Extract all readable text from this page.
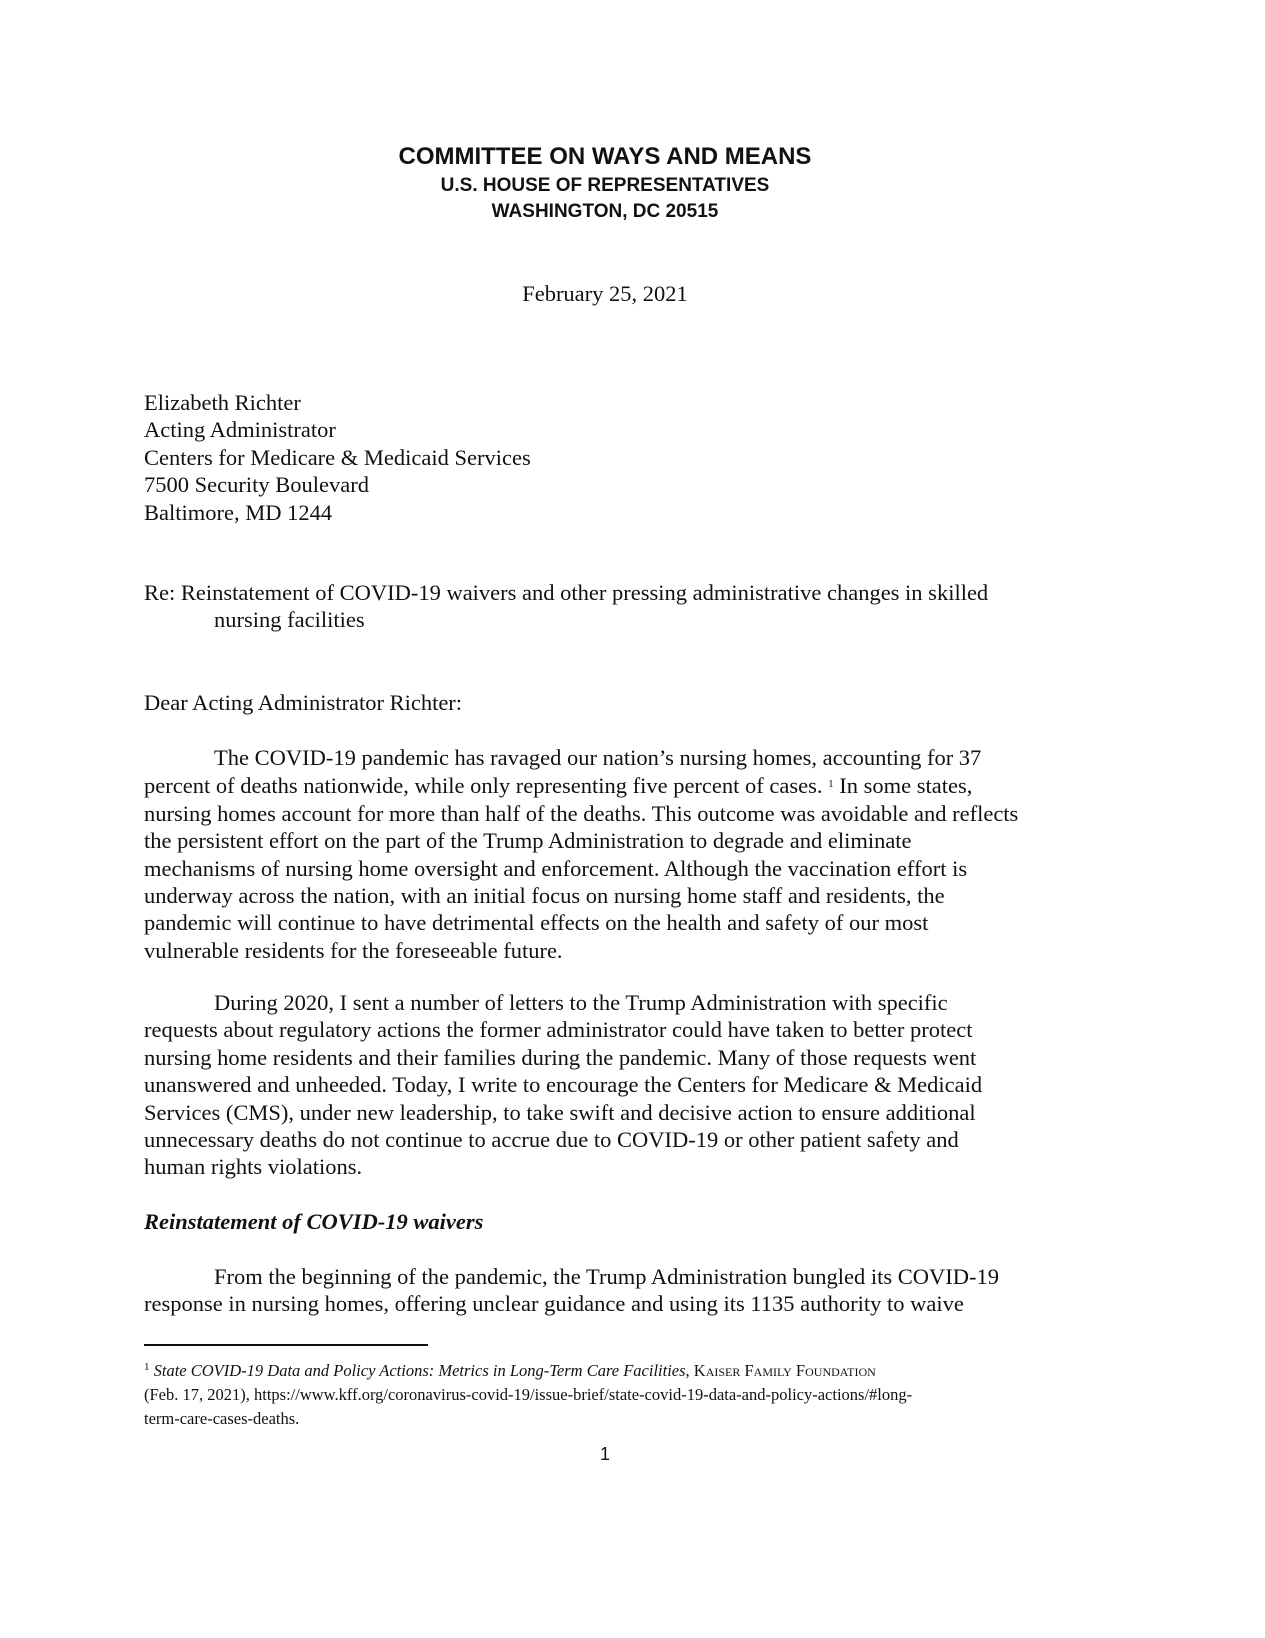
COMMITTEE ON WAYS AND MEANS
U.S. HOUSE OF REPRESENTATIVES
WASHINGTON, DC 20515
February 25, 2021
Elizabeth Richter
Acting Administrator
Centers for Medicare & Medicaid Services
7500 Security Boulevard
Baltimore, MD 1244
Re: Reinstatement of COVID-19 waivers and other pressing administrative changes in skilled
nursing facilities
Dear Acting Administrator Richter:
The COVID-19 pandemic has ravaged our nation’s nursing homes, accounting for 37
percent of deaths nationwide, while only representing five percent of cases. $^1$ In some states,
nursing homes account for more than half of the deaths. This outcome was avoidable and reflects
the persistent effort on the part of the Trump Administration to degrade and eliminate
mechanisms of nursing home oversight and enforcement. Although the vaccination effort is
underway across the nation, with an initial focus on nursing home staff and residents, the
pandemic will continue to have detrimental effects on the health and safety of our most
vulnerable residents for the foreseeable future.
During 2020, I sent a number of letters to the Trump Administration with specific
requests about regulatory actions the former administrator could have taken to better protect
nursing home residents and their families during the pandemic. Many of those requests went
unanswered and unheeded. Today, I write to encourage the Centers for Medicare & Medicaid
Services (CMS), under new leadership, to take swift and decisive action to ensure additional
unnecessary deaths do not continue to accrue due to COVID-19 or other patient safety and
human rights violations.
Reinstatement of COVID-19 waivers
From the beginning of the pandemic, the Trump Administration bungled its COVID-19
response in nursing homes, offering unclear guidance and using its 1135 authority to waive
$^1$ State COVID-19 Data and Policy Actions: Metrics in Long-Term Care Facilities, Kaiser Family Foundation
(Feb. 17, 2021), https://www.kff.org/coronavirus-covid-19/issue-brief/state-covid-19-data-and-policy-actions/#long-
term-care-cases-deaths.
1
